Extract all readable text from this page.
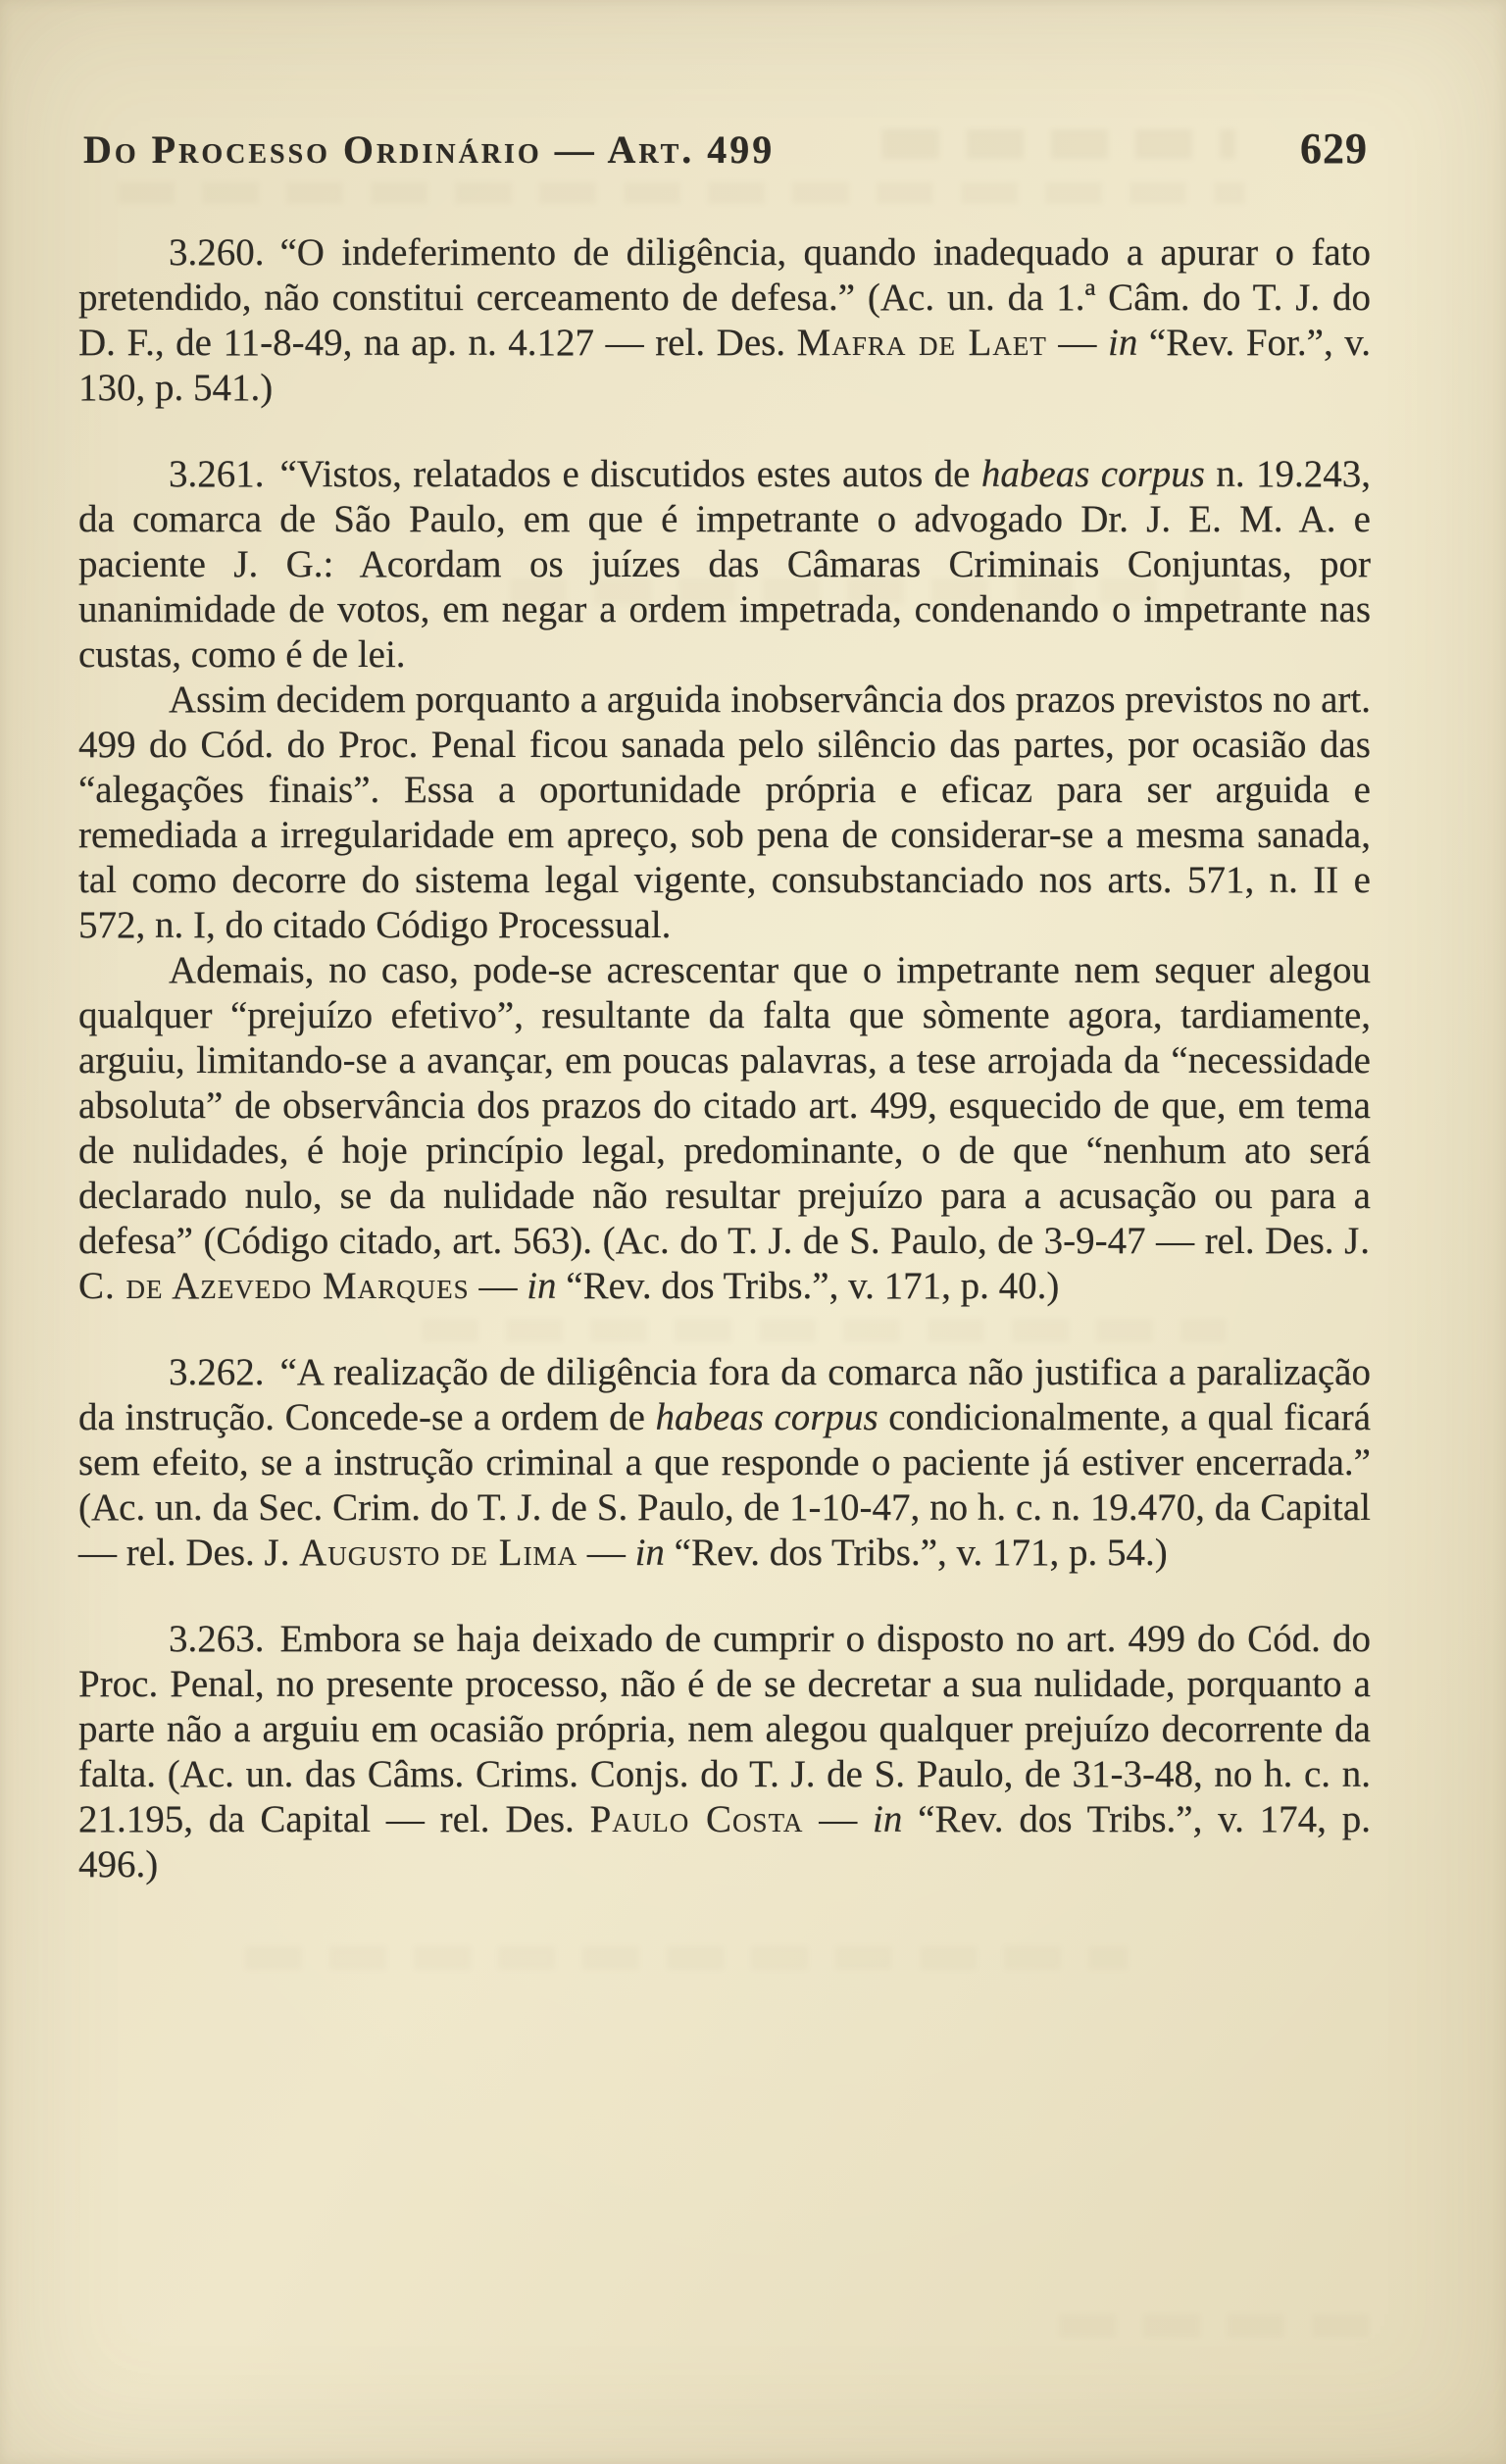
Do Processo Ordinário — Art. 499	629

3.260. “O indeferimento de diligência, quando inadequado a apurar o fato pretendido, não constitui cerceamento de defesa.” (Ac. un. da 1.ª Câm. do T. J. do D. F., de 11-8-49, na ap. n. 4.127 — rel. Des. Mafra de Laet — in “Rev. For.”, v. 130, p. 541.)

3.261. “Vistos, relatados e discutidos estes autos de habeas corpus n. 19.243, da comarca de São Paulo, em que é impetrante o advogado Dr. J. E. M. A. e paciente J. G.: Acordam os juízes das Câmaras Criminais Conjuntas, por unanimidade de votos, em negar a ordem impetrada, condenando o impetrante nas custas, como é de lei.

Assim decidem porquanto a arguida inobservância dos prazos previstos no art. 499 do Cód. do Proc. Penal ficou sanada pelo silêncio das partes, por ocasião das “alegações finais”. Essa a oportunidade própria e eficaz para ser arguida e remediada a irregularidade em apreço, sob pena de considerar-se a mesma sanada, tal como decorre do sistema legal vigente, consubstanciado nos arts. 571, n. II e 572, n. I, do citado Código Processual.

Ademais, no caso, pode-se acrescentar que o impetrante nem sequer alegou qualquer “prejuízo efetivo”, resultante da falta que sòmente agora, tardiamente, arguiu, limitando-se a avançar, em poucas palavras, a tese arrojada da “necessidade absoluta” de observância dos prazos do citado art. 499, esquecido de que, em tema de nulidades, é hoje princípio legal, predominante, o de que “nenhum ato será declarado nulo, se da nulidade não resultar prejuízo para a acusação ou para a defesa” (Código citado, art. 563). (Ac. do T. J. de S. Paulo, de 3-9-47 — rel. Des. J. C. de Azevedo Marques — in “Rev. dos Tribs.”, v. 171, p. 40.)

3.262. “A realização de diligência fora da comarca não justifica a paralização da instrução. Concede-se a ordem de habeas corpus condicionalmente, a qual ficará sem efeito, se a instrução criminal a que responde o paciente já estiver encerrada.” (Ac. un. da Sec. Crim. do T. J. de S. Paulo, de 1-10-47, no h. c. n. 19.470, da Capital — rel. Des. J. Augusto de Lima — in “Rev. dos Tribs.”, v. 171, p. 54.)

3.263. Embora se haja deixado de cumprir o disposto no art. 499 do Cód. do Proc. Penal, no presente processo, não é de se decretar a sua nulidade, porquanto a parte não a arguiu em ocasião própria, nem alegou qualquer prejuízo decorrente da falta. (Ac. un. das Câms. Crims. Conjs. do T. J. de S. Paulo, de 31-3-48, no h. c. n. 21.195, da Capital — rel. Des. Paulo Costa — in “Rev. dos Tribs.”, v. 174, p. 496.)
